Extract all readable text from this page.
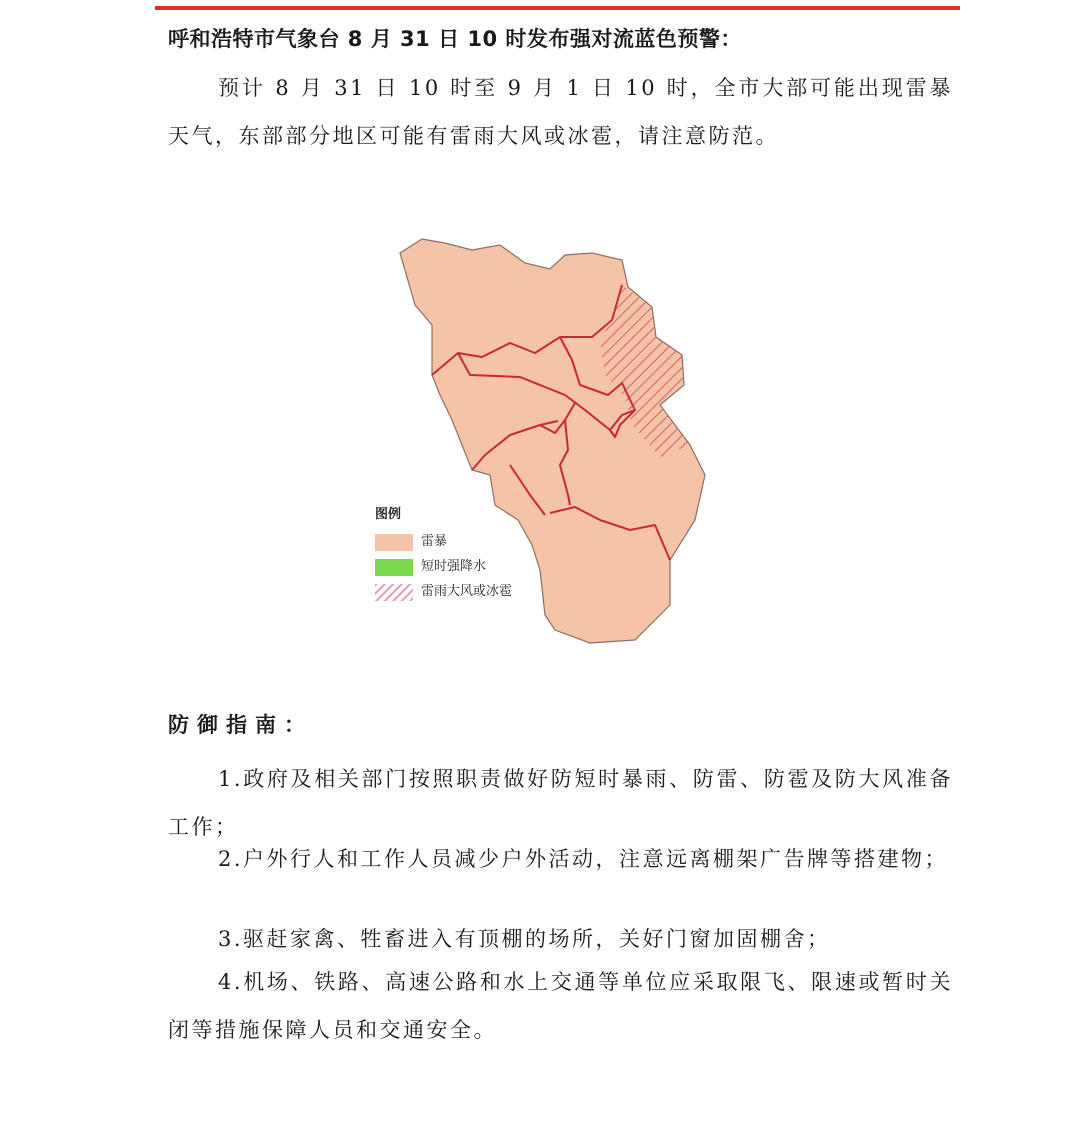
呼和浩特市气象台 8 月 31 日 10 时发布强对流蓝色预警：

预计 8 月 31 日 10 时至 9 月 1 日 10 时，全市大部可能出现雷暴天气，东部部分地区可能有雷雨大风或冰雹，请注意防范。

图例
雷暴
短时强降水
雷雨大风或冰雹
防御指南：

1.政府及相关部门按照职责做好防短时暴雨、防雷、防雹及防大风准备工作；

2.户外行人和工作人员减少户外活动，注意远离棚架广告牌等搭建物；

3.驱赶家禽、牲畜进入有顶棚的场所，关好门窗加固棚舍；

4.机场、铁路、高速公路和水上交通等单位应采取限飞、限速或暂时关闭等措施保障人员和交通安全。
